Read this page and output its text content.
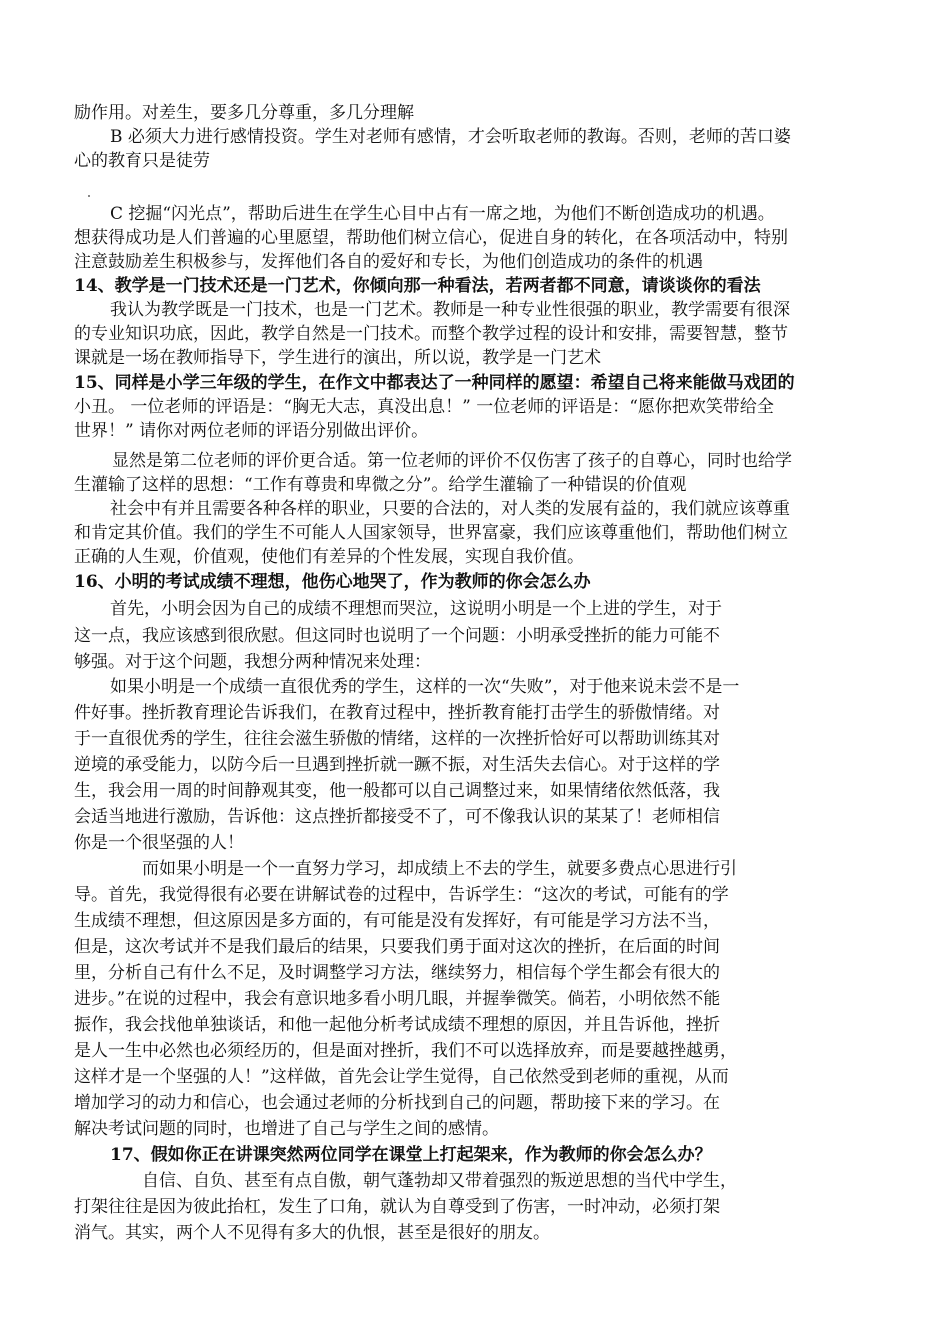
励作用。对差生，要多几分尊重，多几分理解
B 必须大力进行感情投资。学生对老师有感情，才会听取老师的教诲。否则，老师的苦口婆
心的教育只是徒劳
C 挖掘“闪光点”，帮助后进生在学生心目中占有一席之地，为他们不断创造成功的机遇。
想获得成功是人们普遍的心里愿望，帮助他们树立信心，促进自身的转化，在各项活动中，特别
注意鼓励差生积极参与，发挥他们各自的爱好和专长，为他们创造成功的条件的机遇
14、教学是一门技术还是一门艺术，你倾向那一种看法，若两者都不同意，请谈谈你的看法
我认为教学既是一门技术，也是一门艺术。教师是一种专业性很强的职业，教学需要有很深
的专业知识功底，因此，教学自然是一门技术。而整个教学过程的设计和安排，需要智慧，整节
课就是一场在教师指导下，学生进行的演出，所以说，教学是一门艺术
15、同样是小学三年级的学生，在作文中都表达了一种同样的愿望：希望自己将来能做马戏团的
小丑。 一位老师的评语是：“胸无大志，真没出息！” 一位老师的评语是：“愿你把欢笑带给全
世界！” 请你对两位老师的评语分别做出评价。
显然是第二位老师的评价更合适。第一位老师的评价不仅伤害了孩子的自尊心，同时也给学
生灌输了这样的思想：“工作有尊贵和卑微之分”。给学生灌输了一种错误的价值观
社会中有并且需要各种各样的职业，只要的合法的，对人类的发展有益的，我们就应该尊重
和肯定其价值。我们的学生不可能人人国家领导，世界富豪，我们应该尊重他们，帮助他们树立
正确的人生观，价值观，使他们有差异的个性发展，实现自我价值。
16、小明的考试成绩不理想，他伤心地哭了，作为教师的你会怎么办
首先，小明会因为自己的成绩不理想而哭泣，这说明小明是一个上进的学生，对于
这一点，我应该感到很欣慰。但这同时也说明了一个问题：小明承受挫折的能力可能不
够强。对于这个问题，我想分两种情况来处理：
如果小明是一个成绩一直很优秀的学生，这样的一次“失败”，对于他来说未尝不是一
件好事。挫折教育理论告诉我们，在教育过程中，挫折教育能打击学生的骄傲情绪。对
于一直很优秀的学生，往往会滋生骄傲的情绪，这样的一次挫折恰好可以帮助训练其对
逆境的承受能力，以防今后一旦遇到挫折就一蹶不振，对生活失去信心。对于这样的学
生，我会用一周的时间静观其变，他一般都可以自己调整过来，如果情绪依然低落，我
会适当地进行激励，告诉他：这点挫折都接受不了，可不像我认识的某某了！老师相信
你是一个很坚强的人！
而如果小明是一个一直努力学习，却成绩上不去的学生，就要多费点心思进行引
导。首先，我觉得很有必要在讲解试卷的过程中，告诉学生：“这次的考试，可能有的学
生成绩不理想，但这原因是多方面的，有可能是没有发挥好，有可能是学习方法不当，
但是，这次考试并不是我们最后的结果，只要我们勇于面对这次的挫折，在后面的时间
里，分析自己有什么不足，及时调整学习方法，继续努力，相信每个学生都会有很大的
进步。”在说的过程中，我会有意识地多看小明几眼，并握拳微笑。倘若，小明依然不能
振作，我会找他单独谈话，和他一起他分析考试成绩不理想的原因，并且告诉他，挫折
是人一生中必然也必须经历的，但是面对挫折，我们不可以选择放弃，而是要越挫越勇，
这样才是一个坚强的人！”这样做，首先会让学生觉得，自己依然受到老师的重视，从而
增加学习的动力和信心，也会通过老师的分析找到自己的问题，帮助接下来的学习。在
解决考试问题的同时，也增进了自己与学生之间的感情。
17、假如你正在讲课突然两位同学在课堂上打起架来，作为教师的你会怎么办？
自信、自负、甚至有点自傲，朝气蓬勃却又带着强烈的叛逆思想的当代中学生，
打架往往是因为彼此抬杠，发生了口角，就认为自尊受到了伤害，一时冲动，必须打架
消气。其实，两个人不见得有多大的仇恨，甚至是很好的朋友。
